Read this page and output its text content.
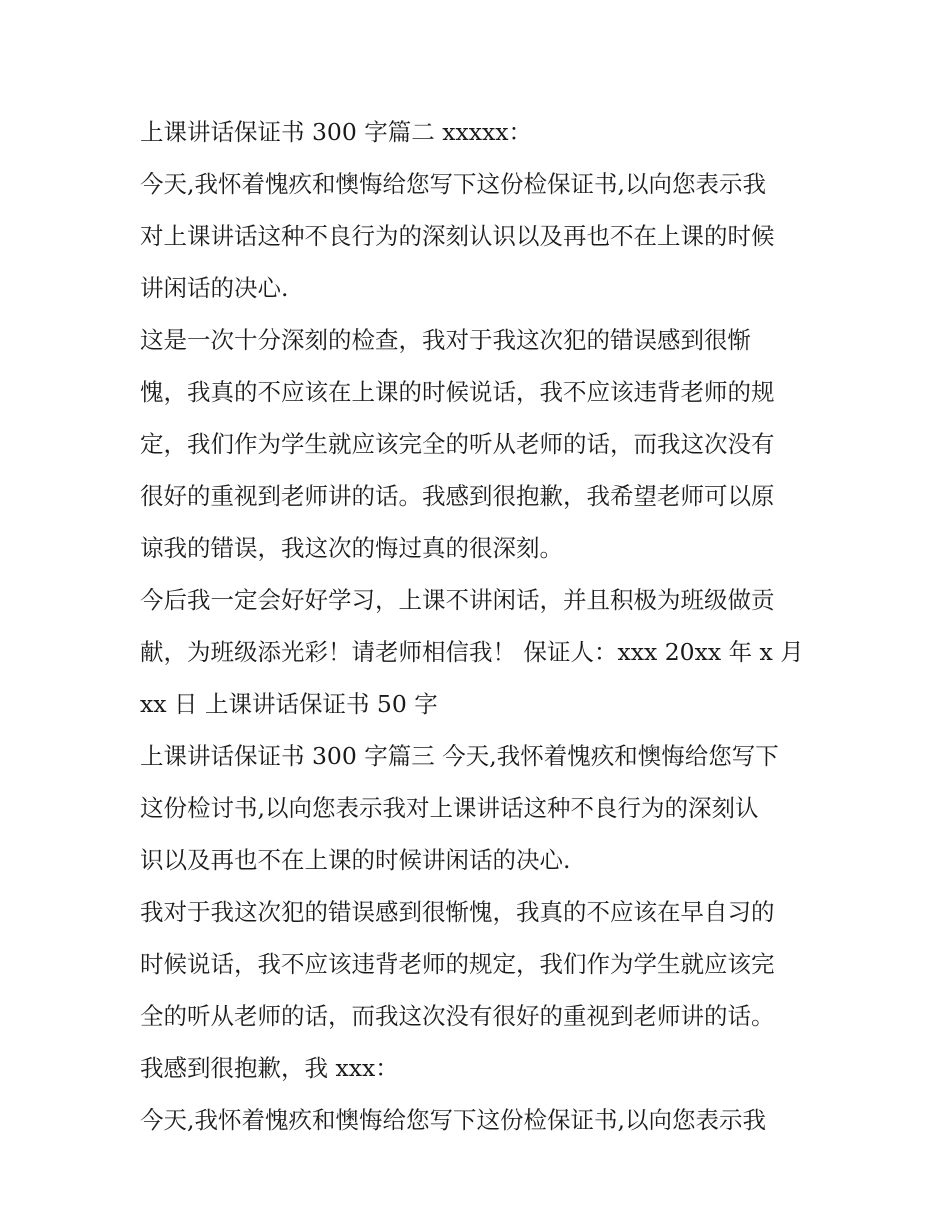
上课讲话保证书 300 字篇二 xxxxx：
今天,我怀着愧疚和懊悔给您写下这份检保证书,以向您表示我
对上课讲话这种不良行为的深刻认识以及再也不在上课的时候
讲闲话的决心.
这是一次十分深刻的检查，我对于我这次犯的错误感到很惭
愧，我真的不应该在上课的时候说话，我不应该违背老师的规
定，我们作为学生就应该完全的听从老师的话，而我这次没有
很好的重视到老师讲的话。我感到很抱歉，我希望老师可以原
谅我的错误，我这次的悔过真的很深刻。
今后我一定会好好学习，上课不讲闲话，并且积极为班级做贡
献，为班级添光彩！请老师相信我！ 保证人：xxx 20xx 年 x 月
xx 日 上课讲话保证书 50 字
上课讲话保证书 300 字篇三 今天,我怀着愧疚和懊悔给您写下
这份检讨书,以向您表示我对上课讲话这种不良行为的深刻认
识以及再也不在上课的时候讲闲话的决心.
我对于我这次犯的错误感到很惭愧，我真的不应该在早自习的
时候说话，我不应该违背老师的规定，我们作为学生就应该完
全的听从老师的话，而我这次没有很好的重视到老师讲的话。
我感到很抱歉，我 xxx：
今天,我怀着愧疚和懊悔给您写下这份检保证书,以向您表示我
